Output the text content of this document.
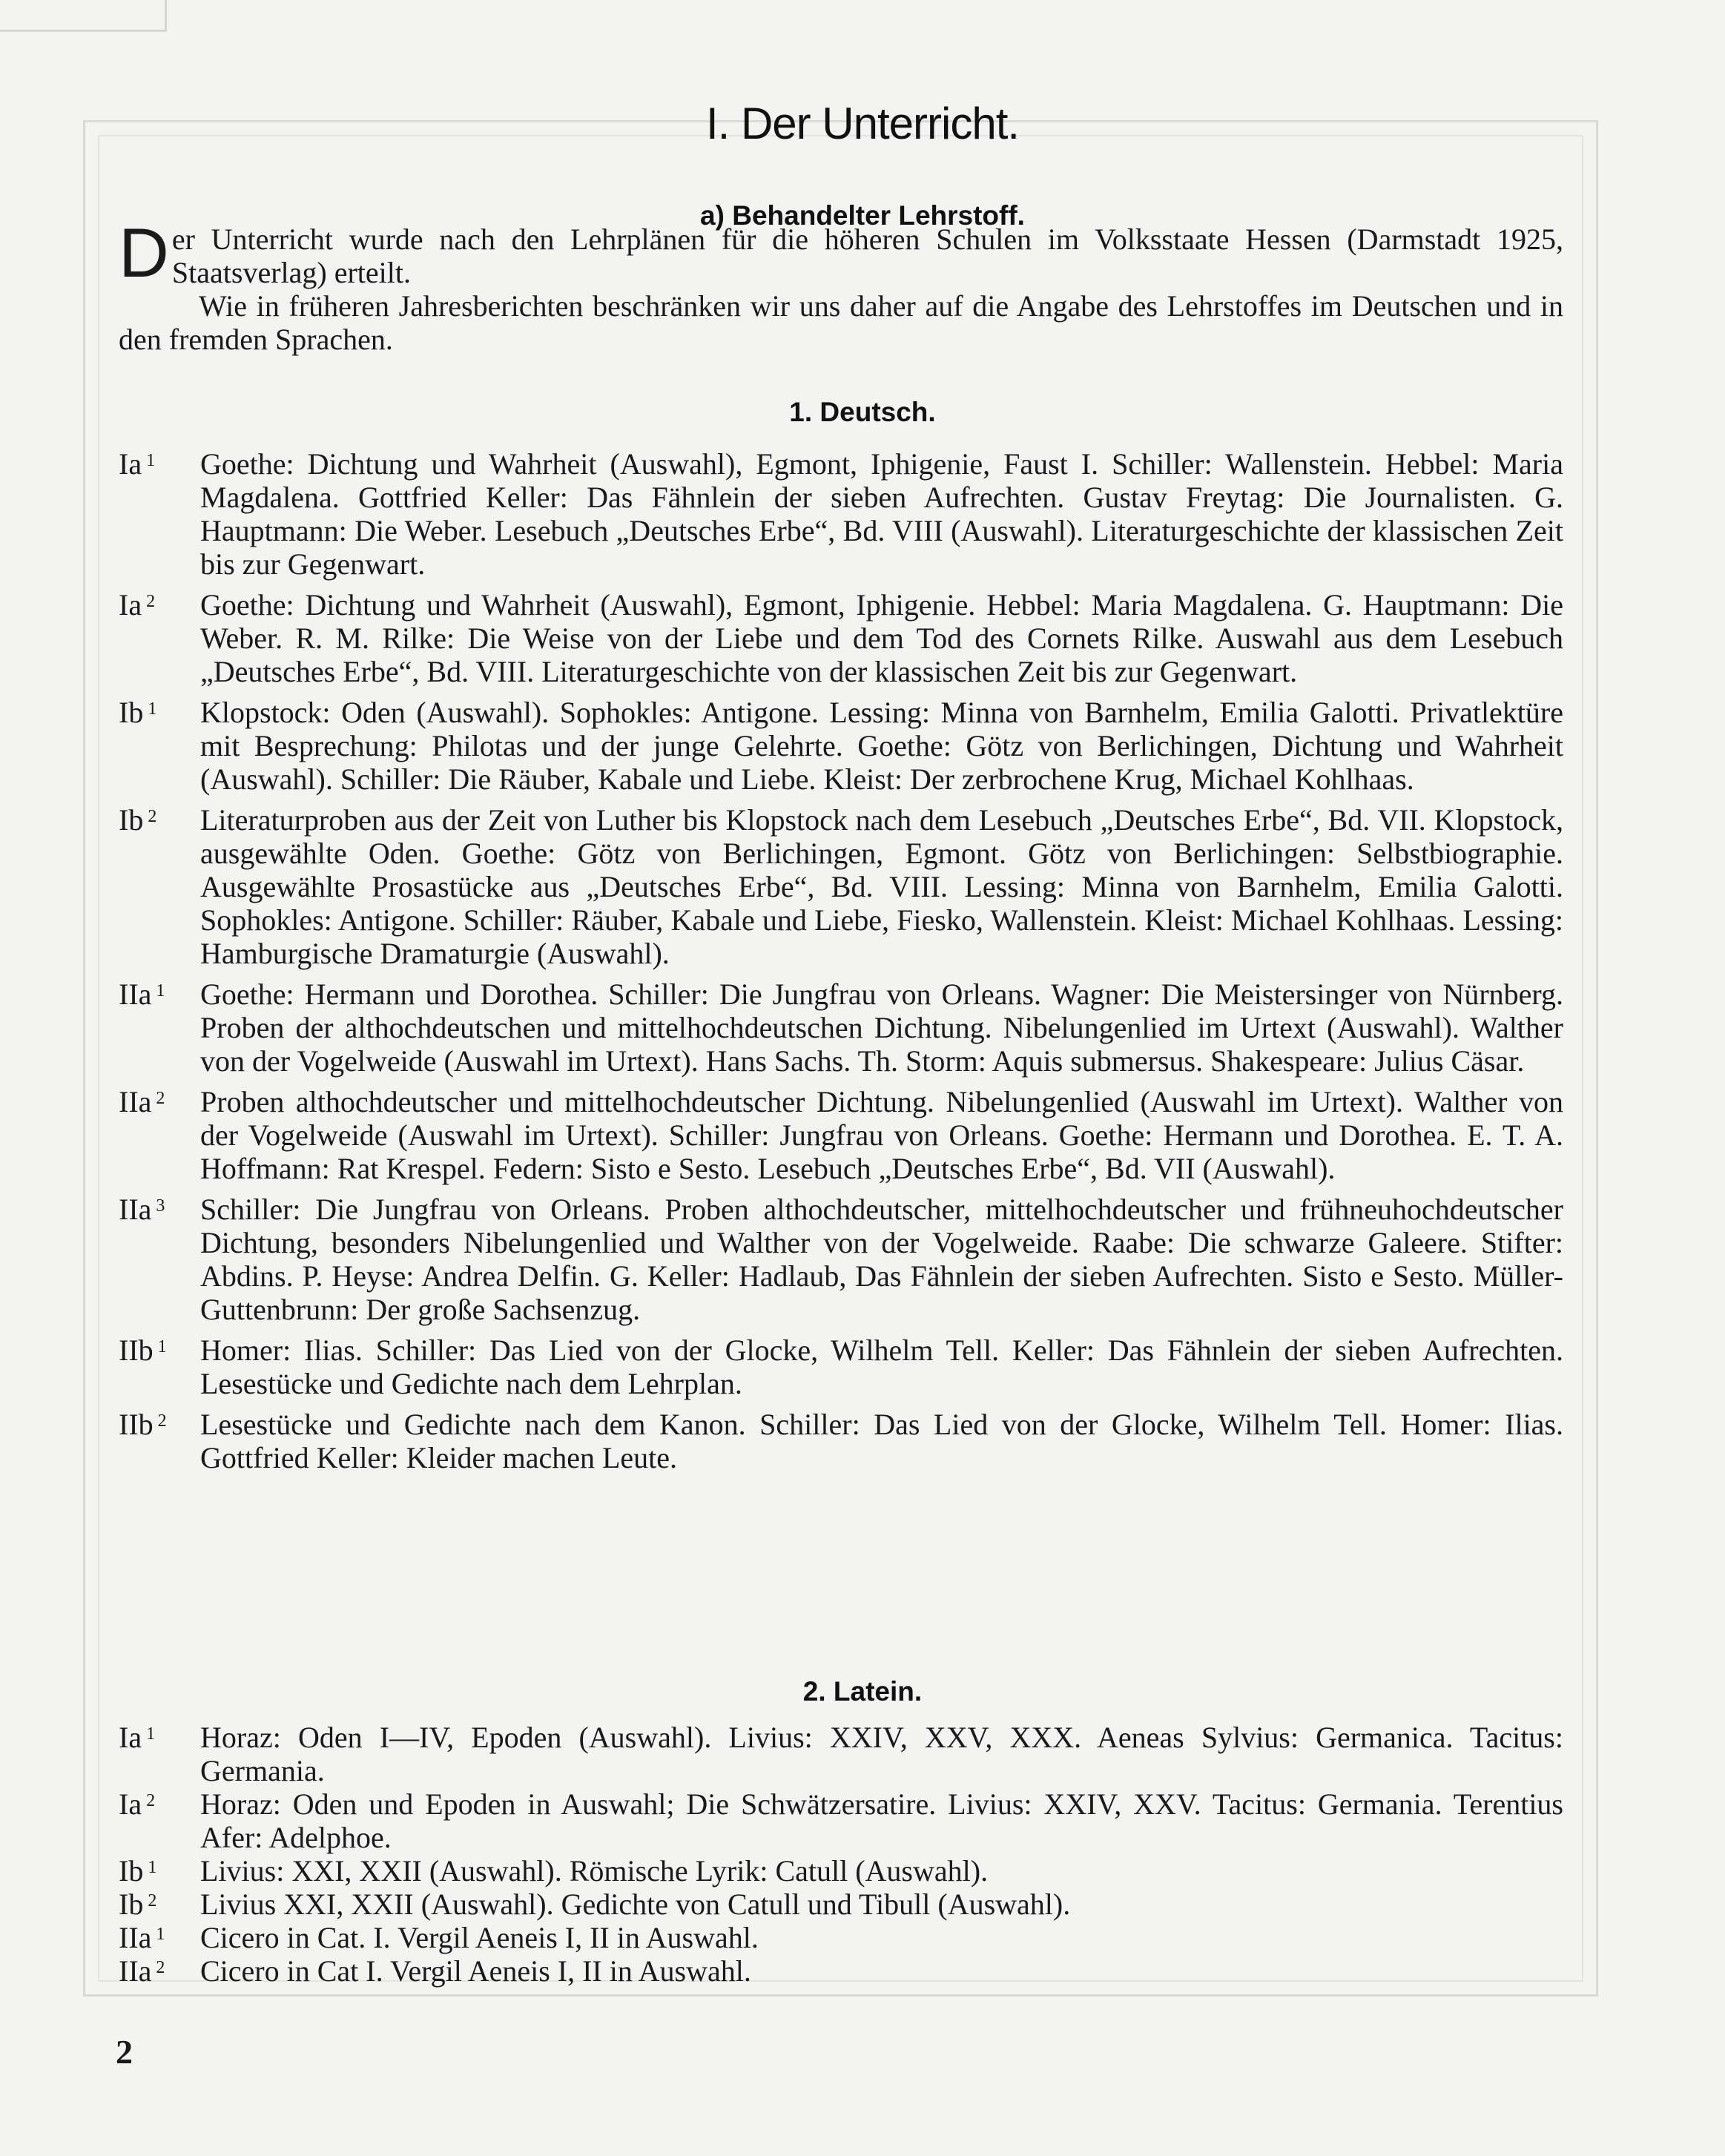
I. Der Unterricht.
a) Behandelter Lehrstoff.
D er Unterricht wurde nach den Lehrplänen für die höheren Schulen im Volksstaate Hessen (Darmstadt 1925, Staatsverlag) erteilt.

Wie in früheren Jahresberichten beschränken wir uns daher auf die Angabe des Lehrstoffes im Deutschen und in den fremden Sprachen.

1. Deutsch.
Ia $^1$	Goethe: Dichtung und Wahrheit (Auswahl), Egmont, Iphigenie, Faust I. Schiller: Wallenstein. Hebbel: Maria Magdalena. Gottfried Keller: Das Fähnlein der sieben Aufrechten. Gustav Freytag: Die Journalisten. G. Hauptmann: Die Weber. Lesebuch „Deutsches Erbe“, Bd. VIII (Auswahl). Literaturgeschichte der klassischen Zeit bis zur Gegenwart.
Ia $^2$	Goethe: Dichtung und Wahrheit (Auswahl), Egmont, Iphigenie. Hebbel: Maria Magdalena. G. Hauptmann: Die Weber. R. M. Rilke: Die Weise von der Liebe und dem Tod des Cornets Rilke. Auswahl aus dem Lesebuch „Deutsches Erbe“, Bd. VIII. Literaturgeschichte von der klassischen Zeit bis zur Gegenwart.
Ib $^1$	Klopstock: Oden (Auswahl). Sophokles: Antigone. Lessing: Minna von Barnhelm, Emilia Galotti. Privatlektüre mit Besprechung: Philotas und der junge Gelehrte. Goethe: Götz von Berlichingen, Dichtung und Wahrheit (Auswahl). Schiller: Die Räuber, Kabale und Liebe. Kleist: Der zerbrochene Krug, Michael Kohlhaas.
Ib $^2$	Literaturproben aus der Zeit von Luther bis Klopstock nach dem Lesebuch „Deutsches Erbe“, Bd. VII. Klopstock, ausgewählte Oden. Goethe: Götz von Berlichingen, Egmont. Götz von Berlichingen: Selbstbiographie. Ausgewählte Prosastücke aus „Deutsches Erbe“, Bd. VIII. Lessing: Minna von Barnhelm, Emilia Galotti. Sophokles: Antigone. Schiller: Räuber, Kabale und Liebe, Fiesko, Wallenstein. Kleist: Michael Kohlhaas. Lessing: Hamburgische Dramaturgie (Auswahl).
IIa $^1$	Goethe: Hermann und Dorothea. Schiller: Die Jungfrau von Orleans. Wagner: Die Meistersinger von Nürnberg. Proben der althochdeutschen und mittelhochdeutschen Dichtung. Nibelungenlied im Urtext (Auswahl). Walther von der Vogelweide (Auswahl im Urtext). Hans Sachs. Th. Storm: Aquis submersus. Shakespeare: Julius Cäsar.
IIa $^2$	Proben althochdeutscher und mittelhochdeutscher Dichtung. Nibelungenlied (Auswahl im Urtext). Walther von der Vogelweide (Auswahl im Urtext). Schiller: Jungfrau von Orleans. Goethe: Hermann und Dorothea. E. T. A. Hoffmann: Rat Krespel. Federn: Sisto e Sesto. Lesebuch „Deutsches Erbe“, Bd. VII (Auswahl).
IIa $^3$	Schiller: Die Jungfrau von Orleans. Proben althochdeutscher, mittelhochdeutscher und frühneuhochdeutscher Dichtung, besonders Nibelungenlied und Walther von der Vogelweide. Raabe: Die schwarze Galeere. Stifter: Abdins. P. Heyse: Andrea Delfin. G. Keller: Hadlaub, Das Fähnlein der sieben Aufrechten. Sisto e Sesto. Müller-Guttenbrunn: Der große Sachsenzug.
IIb $^1$	Homer: Ilias. Schiller: Das Lied von der Glocke, Wilhelm Tell. Keller: Das Fähnlein der sieben Aufrechten. Lesestücke und Gedichte nach dem Lehrplan.
IIb $^2$	Lesestücke und Gedichte nach dem Kanon. Schiller: Das Lied von der Glocke, Wilhelm Tell. Homer: Ilias. Gottfried Keller: Kleider machen Leute.
2. Latein.
Ia $^1$	Horaz: Oden I—IV, Epoden (Auswahl). Livius: XXIV, XXV, XXX. Aeneas Sylvius: Germanica. Tacitus: Germania.
Ia $^2$	Horaz: Oden und Epoden in Auswahl; Die Schwätzersatire. Livius: XXIV, XXV. Tacitus: Germania. Terentius Afer: Adelphoe.
Ib $^1$	Livius: XXI, XXII (Auswahl). Römische Lyrik: Catull (Auswahl).
Ib $^2$	Livius XXI, XXII (Auswahl). Gedichte von Catull und Tibull (Auswahl).
IIa $^1$	Cicero in Cat. I. Vergil Aeneis I, II in Auswahl.
IIa $^2$	Cicero in Cat I. Vergil Aeneis I, II in Auswahl.
2
